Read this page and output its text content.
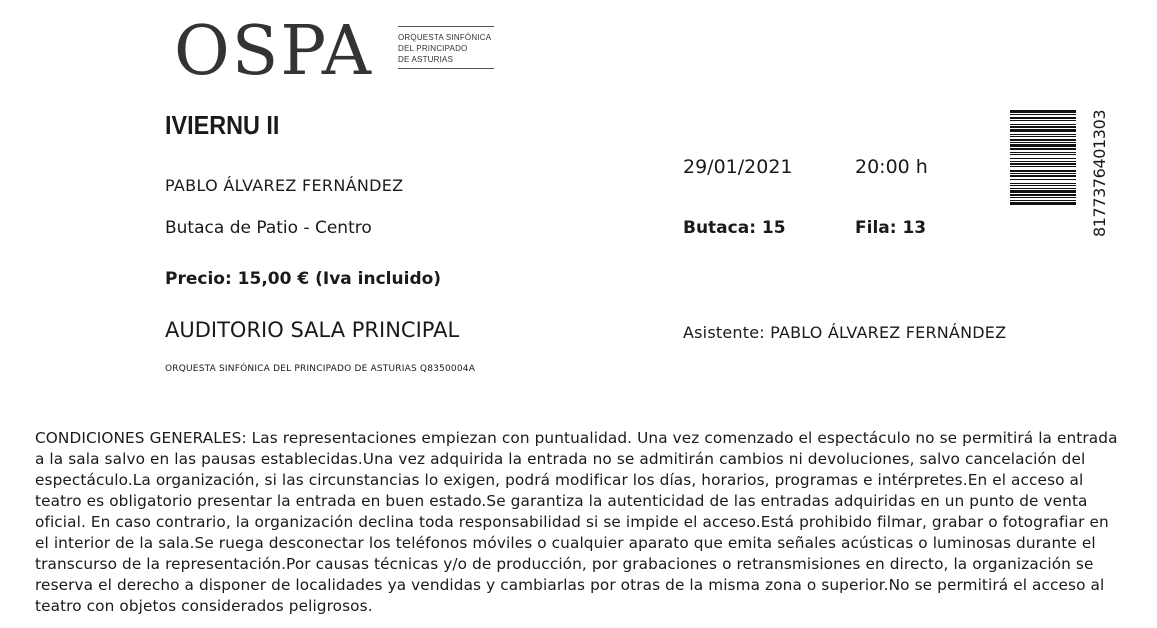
OSPA	ORQUESTA SINFÓNICA
DEL PRINCIPADO
DE ASTURIAS
IVIERNU II
PABLO ÁLVAREZ FERNÁNDEZ
Butaca de Patio - Centro
Precio: 15,00 € (Iva incluido)
AUDITORIO SALA PRINCIPAL
ORQUESTA SINFÓNICA DEL PRINCIPADO DE ASTURIAS Q8350004A
29/01/2021	20:00 h
Butaca: 15	Fila: 13
Asistente: PABLO ÁLVAREZ FERNÁNDEZ
8177376401303
CONDICIONES GENERALES: Las representaciones empiezan con puntualidad. Una vez comenzado el espectáculo no se permitirá la entrada a la sala salvo en las pausas establecidas.Una vez adquirida la entrada no se admitirán cambios ni devoluciones, salvo cancelación del espectáculo.La organización, si las circunstancias lo exigen, podrá modificar los días, horarios, programas e intérpretes.En el acceso al teatro es obligatorio presentar la entrada en buen estado.Se garantiza la autenticidad de las entradas adquiridas en un punto de venta oficial. En caso contrario, la organización declina toda responsabilidad si se impide el acceso.Está prohibido filmar, grabar o fotografiar en el interior de la sala.Se ruega desconectar los teléfonos móviles o cualquier aparato que emita señales acústicas o luminosas durante el transcurso de la representación.Por causas técnicas y/o de producción, por grabaciones o retransmisiones en directo, la organización se reserva el derecho a disponer de localidades ya vendidas y cambiarlas por otras de la misma zona o superior.No se permitirá el acceso al teatro con objetos considerados peligrosos.
